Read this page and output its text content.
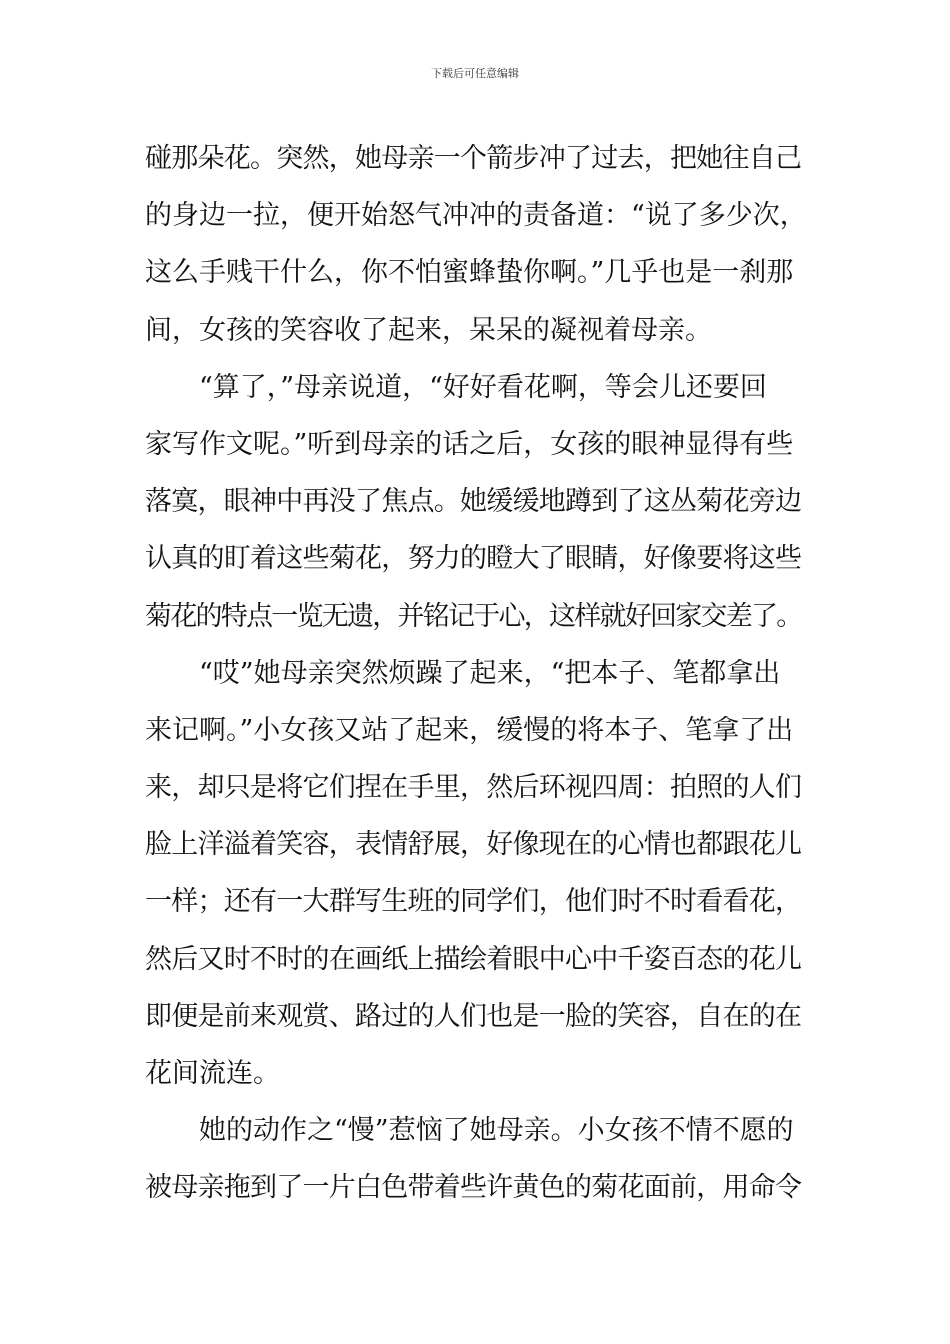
下载后可任意编辑
碰那朵花。突然，她母亲一个箭步冲了过去，把她往自己
的身边一拉，便开始怒气冲冲的责备道：“说了多少次，
这么手贱干什么，你不怕蜜蜂蛰你啊。”几乎也是一刹那
间，女孩的笑容收了起来，呆呆的凝视着母亲。
“算了，”母亲说道，“好好看花啊，等会儿还要回
家写作文呢。”听到母亲的话之后，女孩的眼神显得有些
落寞，眼神中再没了焦点。她缓缓地蹲到了这丛菊花旁边
认真的盯着这些菊花，努力的瞪大了眼睛，好像要将这些
菊花的特点一览无遗，并铭记于心，这样就好回家交差了。
“哎”她母亲突然烦躁了起来，“把本子、笔都拿出
来记啊。”小女孩又站了起来，缓慢的将本子、笔拿了出
来，却只是将它们捏在手里，然后环视四周：拍照的人们
脸上洋溢着笑容，表情舒展，好像现在的心情也都跟花儿
一样；还有一大群写生班的同学们，他们时不时看看花，
然后又时不时的在画纸上描绘着眼中心中千姿百态的花儿
即便是前来观赏、路过的人们也是一脸的笑容，自在的在
花间流连。
她的动作之“慢”惹恼了她母亲。小女孩不情不愿的
被母亲拖到了一片白色带着些许黄色的菊花面前，用命令
